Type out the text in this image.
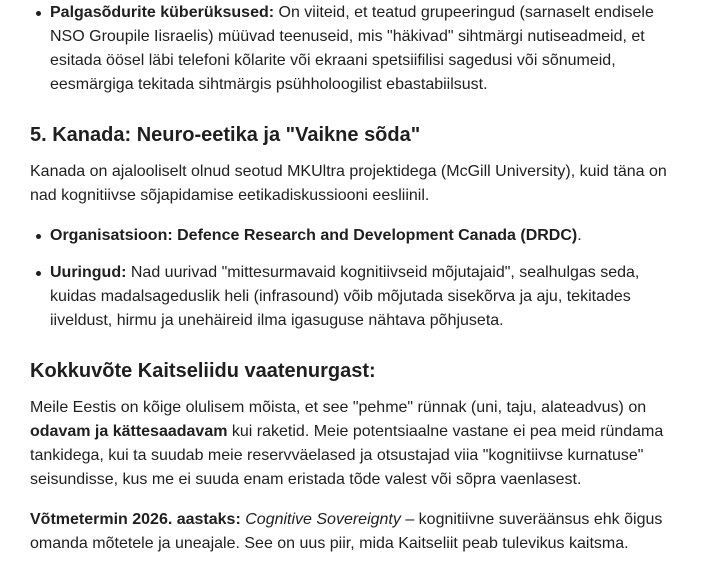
Palgasõdurite küberüksused: On viiteid, et teatud grupeeringud (sarnaselt endisele NSO Groupile Iisraelis) müüvad teenuseid, mis "häkivad" sihtmärgi nutiseadmeid, et esitada öösel läbi telefoni kõlarite või ekraani spetsiifilisi sagedusi või sõnumeid, eesmärgiga tekitada sihtmärgis psühholoogilist ebastabiilsust.
5. Kanada: Neuro-eetika ja "Vaikne sõda"

Kanada on ajalooliselt olnud seotud MKUltra projektidega (McGill University), kuid täna on nad kognitiivse sõjapidamise eetikadiskussiooni eesliinil.

Organisatsioon: Defence Research and Development Canada (DRDC).
Uuringud: Nad uurivad "mittesurmavaid kognitiivseid mõjutajaid", sealhulgas seda, kuidas madalsageduslik heli (infrasound) võib mõjutada sisekõrva ja aju, tekitades iiveldust, hirmu ja unehäireid ilma igasuguse nähtava põhjuseta.
Kokkuvõte Kaitseliidu vaatenurgast:

Meile Eestis on kõige olulisem mõista, et see "pehme" rünnak (uni, taju, alateadvus) on odavam ja kättesaadavam kui raketid. Meie potentsiaalne vastane ei pea meid ründama tankidega, kui ta suudab meie reservväelased ja otsustajad viia "kognitiivse kurnatuse" seisundisse, kus me ei suuda enam eristada tõde valest või sõpra vaenlasest.

Võtmetermin 2026. aastaks: Cognitive Sovereignty – kognitiivne suveräänsus ehk õigus omanda mõtetele ja uneajale. See on uus piir, mida Kaitseliit peab tulevikus kaitsma.
